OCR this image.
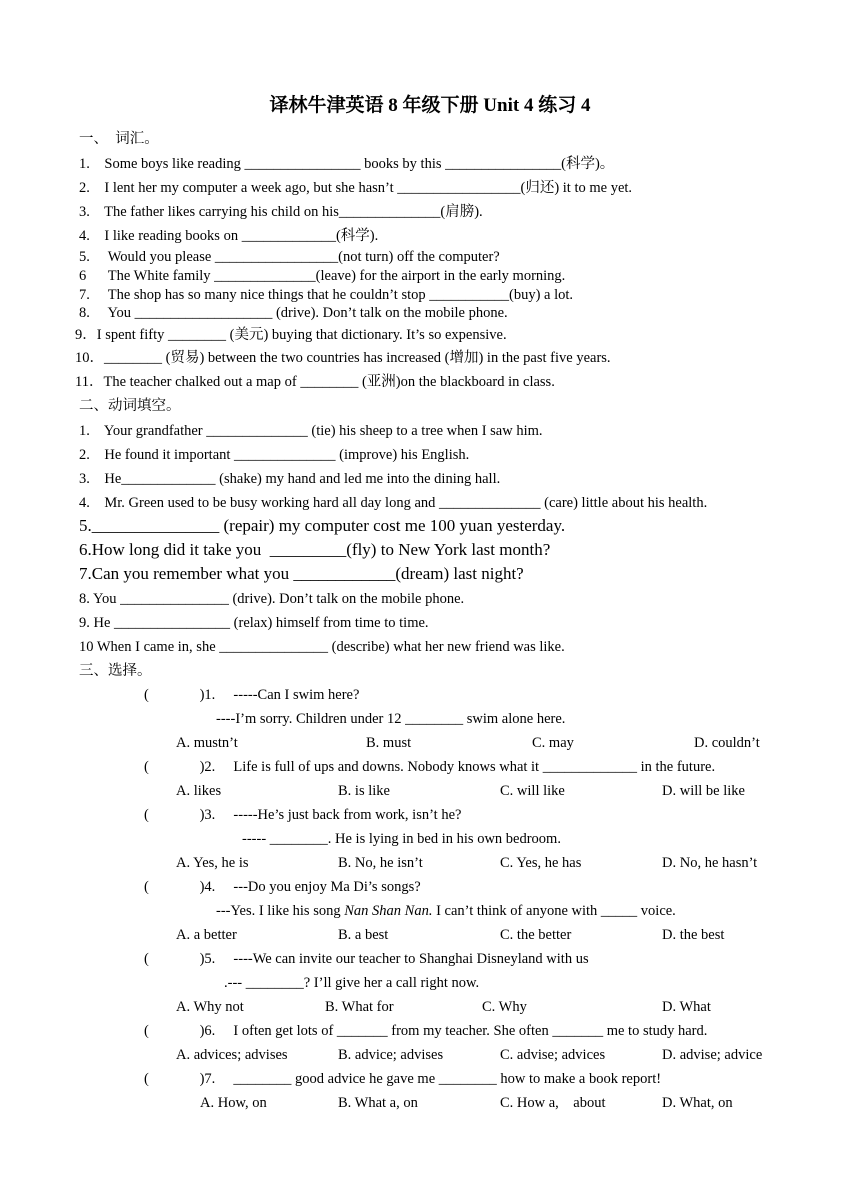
译林牛津英语 8 年级下册 Unit 4 练习 4
一、  词汇。
1.    Some boys like reading ________________ books by this ________________(科学)。
2.    I lent her my computer a week ago, but she hasn’t _________________(归还) it to me yet.
3.    The father likes carrying his child on his______________(肩膀).
4.    I like reading books on _____________(科学).
5.     Would you please _________________(not turn) off the computer?
6      The White family ______________(leave) for the airport in the early morning.
7.     The shop has so many nice things that he couldn’t stop ___________(buy) a lot.
8.     You ___________________ (drive). Don’t talk on the mobile phone.
9．I spent fifty ________ (美元) buying that dictionary. It’s so expensive.
10．________ (贸易) between the two countries has increased (增加) in the past five years.
11．The teacher chalked out a map of ________ (亚洲)on the blackboard in class.
二、动词填空。
1.    Your grandfather ______________ (tie) his sheep to a tree when I saw him.
2.    He found it important ______________ (improve) his English.
3.    He_____________ (shake) my hand and led me into the dining hall.
4.    Mr. Green used to be busy working hard all day long and ______________ (care) little about his health.
5._______________ (repair) my computer cost me 100 yuan yesterday.
6.How long did it take you  _________(fly) to New York last month?
7.Can you remember what you ____________(dream) last night?
8. You _______________ (drive). Don’t talk on the mobile phone.
9. He ________________ (relax) himself from time to time.
10 When I came in, she _______________ (describe) what her new friend was like.
三、选择。
(              )1.     -----Can I swim here?
----I’m sorry. Children under 12 ________ swim alone here.
A. mustn’t	B. must	C. may	D. couldn’t
(              )2.     Life is full of ups and downs. Nobody knows what it _____________ in the future.
A. likes	B. is like	C. will like	D. will be like
(              )3.     -----He’s just back from work, isn’t he?
----- ________. He is lying in bed in his own bedroom.
A. Yes, he is	B. No, he isn’t	C. Yes, he has	D. No, he hasn’t
(              )4.     ---Do you enjoy Ma Di’s songs?
---Yes. I like his song Nan Shan Nan. I can’t think of anyone with _____ voice.
A. a better	B. a best	C. the better	D. the best
(              )5.     ----We can invite our teacher to Shanghai Disneyland with us
.--- ________? I’ll give her a call right now.
A. Why not	B. What for	C. Why	D. What
(              )6.     I often get lots of _______ from my teacher. She often _______ me to study hard.
A. advices; advises	B. advice; advises	C. advise; advices	D. advise; advice
(              )7.     ________ good advice he gave me ________ how to make a book report!
A. How, on	B. What a, on	C. How a,    about	D. What, on
